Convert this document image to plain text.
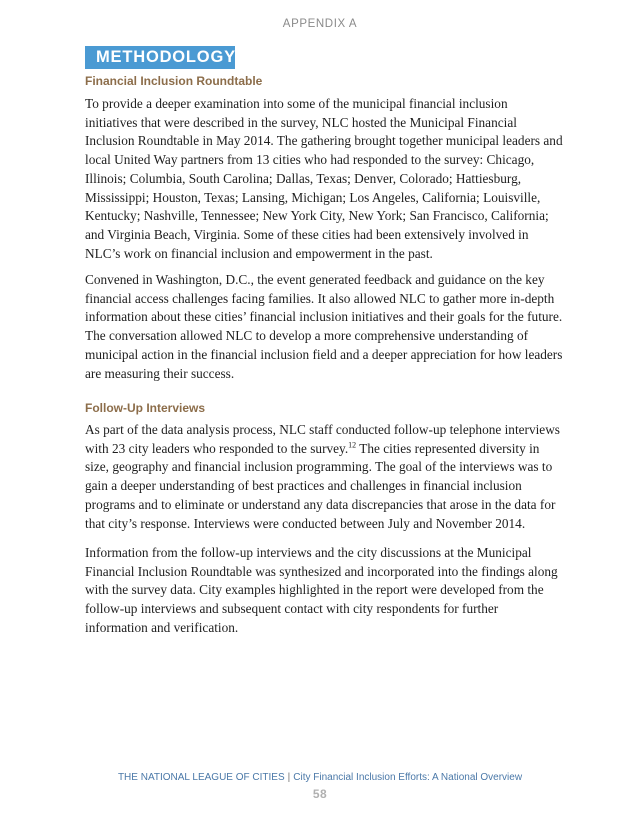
APPENDIX A
METHODOLOGY
Financial Inclusion Roundtable

To provide a deeper examination into some of the municipal financial inclusion initiatives that were described in the survey, NLC hosted the Municipal Financial Inclusion Roundtable in May 2014. The gathering brought together municipal leaders and local United Way partners from 13 cities who had responded to the survey: Chicago, Illinois; Columbia, South Carolina; Dallas, Texas; Denver, Colorado; Hattiesburg, Mississippi; Houston, Texas; Lansing, Michigan; Los Angeles, California; Louisville, Kentucky; Nashville, Tennessee; New York City, New York; San Francisco, California; and Virginia Beach, Virginia. Some of these cities had been extensively involved in NLC’s work on financial inclusion and empowerment in the past.

Convened in Washington, D.C., the event generated feedback and guidance on the key financial access challenges facing families. It also allowed NLC to gather more in-depth information about these cities’ financial inclusion initiatives and their goals for the future. The conversation allowed NLC to develop a more comprehensive understanding of municipal action in the financial inclusion field and a deeper appreciation for how leaders are measuring their success.

Follow-Up Interviews

As part of the data analysis process, NLC staff conducted follow-up telephone interviews with 23 city leaders who responded to the survey.$^{12}$ The cities represented diversity in size, geography and financial inclusion programming. The goal of the interviews was to gain a deeper understanding of best practices and challenges in financial inclusion programs and to eliminate or understand any data discrepancies that arose in the data for that city’s response. Interviews were conducted between July and November 2014.

Information from the follow-up interviews and the city discussions at the Municipal Financial Inclusion Roundtable was synthesized and incorporated into the findings along with the survey data. City examples highlighted in the report were developed from the follow-up interviews and subsequent contact with city respondents for further information and verification.

THE NATIONAL LEAGUE OF CITIES | City Financial Inclusion Efforts: A National Overview
58
